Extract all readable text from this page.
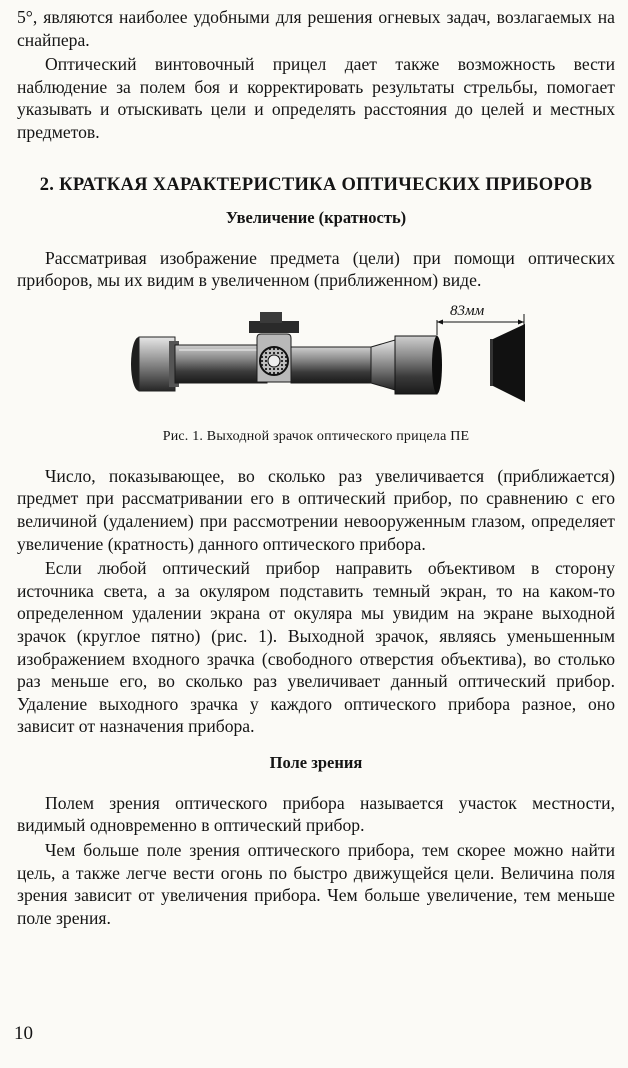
5°, являются наиболее удобными для решения огневых задач, возлагаемых на снайпера.

Оптический винтовочный прицел дает также возможность вести наблюдение за полем боя и корректировать результаты стрельбы, помогает указывать и отыскивать цели и определять расстояния до целей и местных предметов.

2. КРАТКАЯ ХАРАКТЕРИСТИКА ОПТИЧЕСКИХ ПРИБОРОВ
Увеличение (кратность)

Рассматривая изображение предмета (цели) при помощи оптических приборов, мы их видим в увеличенном (приближенном) виде.

83мм
Рис. 1. Выходной зрачок оптического прицела ПЕ

Число, показывающее, во сколько раз увеличивается (приближается) предмет при рассматривании его в оптический прибор, по сравнению с его величиной (удалением) при рассмотрении невооруженным глазом, определяет увеличение (кратность) данного оптического прибора.

Если любой оптический прибор направить объективом в сторону источника света, а за окуляром подставить темный экран, то на каком-то определенном удалении экрана от окуляра мы увидим на экране выходной зрачок (круглое пятно) (рис. 1). Выходной зрачок, являясь уменьшенным изображением входного зрачка (свободного отверстия объектива), во столько раз меньше его, во сколько раз увеличивает данный оптический прибор. Удаление выходного зрачка у каждого оптического прибора разное, оно зависит от назначения прибора.

Поле зрения

Полем зрения оптического прибора называется участок местности, видимый одновременно в оптический прибор.

Чем больше поле зрения оптического прибора, тем скорее можно найти цель, а также легче вести огонь по быстро движущейся цели. Величина поля зрения зависит от увеличения прибора. Чем больше увеличение, тем меньше поле зрения.

10
